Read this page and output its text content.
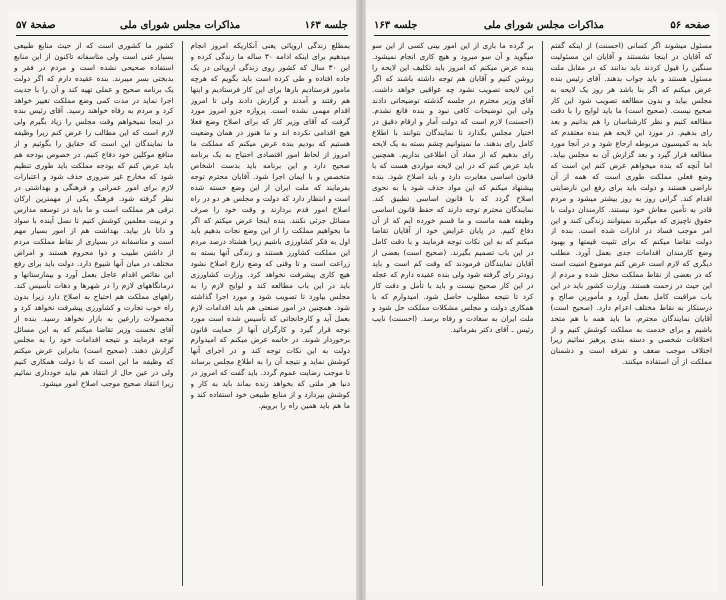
جلسه ۱۶۳
مذاکرات مجلس شورای ملی
صفحة ۵۷

بمطلع زندگی اروپائی یعنی آنکاریکه امروز انجام میدهیم برای اینکه ادامه ۳۰ ساله ما زندگی کرده و این ۳۰ سال که کشور روی زندگی اروپائی در یک جاده افتاده و طی کرده است باید بگویم که هرچه مامور فرستادیم بارها برای این کار فرستادیم و اینها هم رفتند و آمدند و گزارش دادند ولی تا امروز اقدام مهمی نشده است. پروازه جزو امروز مورد گرفت که آقای وزیر کار که برای اصلاح وضع فعلا هیچ اقدامی نکرده اند و ما هنوز در همان وضعیت هستیم که بودیم بنده عرض میکنم که مملکت ما امروز از لحاظ امور اقتصادی احتیاج به یک برنامه صحیح دارد و این برنامه باید بدست اشخاص متخصص و با ایمان اجرا شود. آقایان محترم توجه بفرمایند که ملت ایران از این وضع خسته شده است و انتظار دارد که دولت و مجلس هر دو در راه اصلاح امور قدم بردارند و وقت خود را صرف مسائل جزئی نکنند. بنده اینجا عرض میکنم که اگر ما بخواهیم مملکت را از این وضع نجات بدهیم باید اول به فکر کشاورزی باشیم زیرا هشتاد درصد مردم این مملکت کشاورز هستند و زندگی آنها بسته به زراعت است و تا وقتی که وضع زارع اصلاح نشود هیچ کاری پیشرفت نخواهد کرد. وزارت کشاورزی باید در این باب مطالعه کند و لوایح لازم را به مجلس بیاورد تا تصویب شود و مورد اجرا گذاشته شود. همچنین در امور صنعتی هم باید اقدامات لازم بعمل آید و کارخانجاتی که تأسیس شده است مورد توجه قرار گیرد و کارگران آنها از حمایت قانون برخوردار شوند. در خاتمه عرض میکنم که امیدوارم دولت به این نکات توجه کند و در اجرای آنها کوشش نماید و نتیجه آن را به اطلاع مجلس برساند تا موجب رضایت عموم گردد. باید گفت که امروز در دنیا هر ملتی که بخواهد زنده بماند باید به کار و کوشش بپردازد و از منابع طبیعی خود استفاده کند و ما هم باید همین راه را برویم.

کشور ما کشوری است که از حیث منابع طبیعی بسیار غنی است ولی متاسفانه تاکنون از این منابع استفاده صحیحی نشده است و مردم در فقر و بدبختی بسر میبرند. بنده عقیده دارم که اگر دولت یک برنامه صحیح و عملی تهیه کند و آن را با جدیت اجرا نماید در مدت کمی وضع مملکت تغییر خواهد کرد و مردم به رفاه خواهند رسید. آقای رئیس بنده در اینجا نمیخواهم وقت مجلس را زیاد بگیرم ولی لازم است که این مطالب را عرض کنم زیرا وظیفه ما نمایندگان این است که حقایق را بگوئیم و از منافع موکلین خود دفاع کنیم. در خصوص بودجه هم باید عرض کنم که بودجه مملکت باید طوری تنظیم شود که مخارج غیر ضروری حذف شود و اعتبارات لازم برای امور عمرانی و فرهنگی و بهداشتی در نظر گرفته شود. فرهنگ یکی از مهمترین ارکان ترقی هر مملکت است و ما باید در توسعه مدارس و تربیت معلمین کوشش کنیم تا نسل آینده با سواد و دانا بار بیاید. بهداشت هم از امور بسیار مهم است و متاسفانه در بسیاری از نقاط مملکت مردم از داشتن طبیب و دوا محروم هستند و امراض مختلف در میان آنها شیوع دارد. دولت باید برای رفع این نقائص اقدام عاجل بعمل آورد و بیمارستانها و درمانگاههای لازم را در شهرها و دهات تأسیس کند. راههای مملکت هم احتیاج به اصلاح دارد زیرا بدون راه خوب تجارت و کشاورزی پیشرفت نخواهد کرد و محصولات زارعین به بازار نخواهد رسید. بنده از آقای نخست وزیر تقاضا میکنم که به این مسائل توجه فرمایند و نتیجه اقدامات خود را به مجلس گزارش دهند. (صحیح است) بنابراین عرض میکنم که وظیفه ما این است که با دولت همکاری کنیم ولی در عین حال از انتقاد هم نباید خودداری نمائیم زیرا انتقاد صحیح موجب اصلاح امور میشود.

صفحه ۵۶
مذاکرات مجلس شورای ملی
جلسه ۱۶۳

مسئول میشوند اگر کسانی (احسنت) از اینکه گفتم که آقایان در اینجا نشستند و آقایان این مسئولیت سنگین را قبول کردند باید بدانند که در مقابل ملت مسئول هستند و باید جواب بدهند. آقای رئیس بنده عرض میکنم که اگر بنا باشد هر روز یک لایحه به مجلس بیاید و بدون مطالعه تصویب شود این کار صحیح نیست. (صحیح است) ما باید لوایح را با دقت مطالعه کنیم و نظر کارشناسان را هم بدانیم و بعد رای بدهیم. در مورد این لایحه هم بنده معتقدم که باید به کمیسیون مربوطه ارجاع شود و در آنجا مورد مطالعه قرار گیرد و بعد گزارش آن به مجلس بیاید. اما آنچه که بنده میخواهم عرض کنم این است که وضع فعلی مملکت طوری است که همه از آن ناراضی هستند و دولت باید برای رفع این نارضایتی اقدام کند. گرانی روز به روز بیشتر میشود و مردم قادر به تأمین معاش خود نیستند. کارمندان دولت با حقوق ناچیزی که میگیرند نمیتوانند زندگی کنند و این امر موجب فساد در ادارات شده است. بنده از دولت تقاضا میکنم که برای تثبیت قیمتها و بهبود وضع کارمندان اقدامات جدی بعمل آورد. مطلب دیگری که لازم است عرض کنم موضوع امنیت است که در بعضی از نقاط مملکت مختل شده و مردم از این حیث در زحمت هستند. وزارت کشور باید در این باب مراقبت کامل بعمل آورد و مأمورین صالح و درستکار به نقاط مختلف اعزام دارد. (صحیح است) آقایان نمایندگان محترم، ما باید همه با هم متحد باشیم و برای خدمت به مملکت کوشش کنیم و از اختلافات شخصی و دسته بندی پرهیز نمائیم زیرا اختلاف موجب ضعف و تفرقه است و دشمنان مملکت از آن استفاده میکنند.

بر گرده ما باری از این امور بینی کسی از این سو میگوید و آن سو میرود و هیچ کاری انجام نمیشود. بنده عرض میکنم که امروز باید تکلیف این لایحه را روشن کنیم و آقایان هم توجه داشته باشند که اگر این لایحه تصویب نشود چه عواقبی خواهد داشت. آقای وزیر محترم در جلسه گذشته توضیحاتی دادند ولی این توضیحات کافی نبود و بنده قانع نشدم. (احسنت) لازم است که دولت آمار و ارقام دقیق در اختیار مجلس بگذارد تا نمایندگان بتوانند با اطلاع کامل رای بدهند. ما نمیتوانیم چشم بسته به یک لایحه رای بدهیم که از مفاد آن اطلاعی نداریم. همچنین باید عرض کنم که در این لایحه مواردی هست که با قانون اساسی مغایرت دارد و باید اصلاح شود. بنده پیشنهاد میکنم که این مواد حذف شود یا به نحوی اصلاح گردد که با قانون اساسی تطبیق کند. نمایندگان محترم توجه دارند که حفظ قانون اساسی وظیفه همه ماست و ما قسم خورده ایم که از آن دفاع کنیم. در پایان عرایض خود از آقایان تقاضا میکنم که به این نکات توجه فرمایند و با دقت کامل در این باب تصمیم بگیرند. (صحیح است) بعضی از آقایان نمایندگان فرمودند که وقت کم است و باید زودتر رای گرفته شود ولی بنده عقیده دارم که عجله در این کار صحیح نیست و باید با تأمل و دقت کار کرد تا نتیجه مطلوب حاصل شود. امیدوارم که با همکاری دولت و مجلس مشکلات مملکت حل شود و ملت ایران به سعادت و رفاه برسد. (احسنت) نایب رئیس ـ آقای دکتر بفرمائید.
